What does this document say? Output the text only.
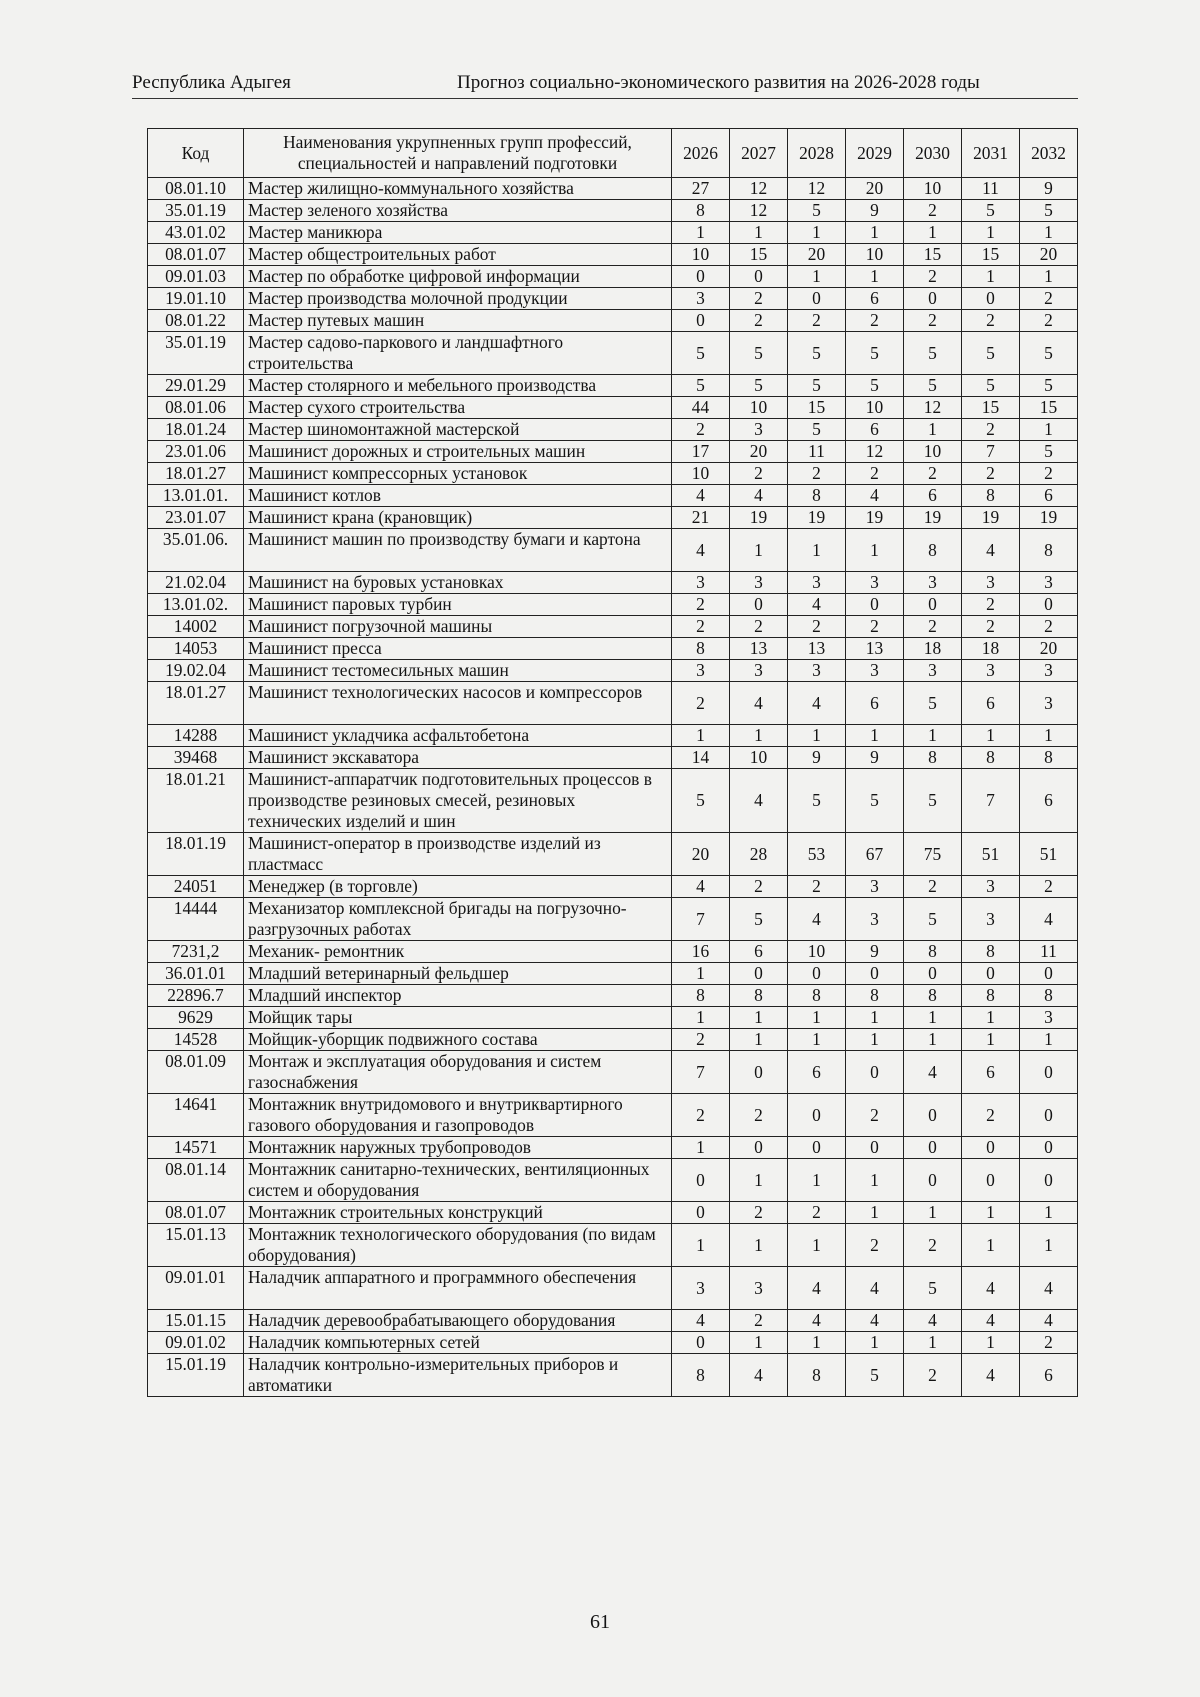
Республика Адыгея	Прогноз социально-экономического развития на 2026-2028 годы
Код	Наименования укрупненных групп профессий, специальностей и направлений подготовки	2026	2027	2028	2029	2030	2031	2032
08.01.10	Мастер жилищно-коммунального хозяйства	27	12	12	20	10	11	9
35.01.19	Мастер зеленого хозяйства	8	12	5	9	2	5	5
43.01.02	Мастер маникюра	1	1	1	1	1	1	1
08.01.07	Мастер общестроительных работ	10	15	20	10	15	15	20
09.01.03	Мастер по обработке цифровой информации	0	0	1	1	2	1	1
19.01.10	Мастер производства молочной продукции	3	2	0	6	0	0	2
08.01.22	Мастер путевых машин	0	2	2	2	2	2	2
35.01.19	Мастер садово-паркового и ландшафтного строительства	5	5	5	5	5	5	5
29.01.29	Мастер столярного и мебельного производства	5	5	5	5	5	5	5
08.01.06	Мастер сухого строительства	44	10	15	10	12	15	15
18.01.24	Мастер шиномонтажной мастерской	2	3	5	6	1	2	1
23.01.06	Машинист дорожных и строительных машин	17	20	11	12	10	7	5
18.01.27	Машинист компрессорных установок	10	2	2	2	2	2	2
13.01.01.	Машинист котлов	4	4	8	4	6	8	6
23.01.07	Машинист крана (крановщик)	21	19	19	19	19	19	19
35.01.06.	Машинист машин по производству бумаги и картона	4	1	1	1	8	4	8
21.02.04	Машинист на буровых установках	3	3	3	3	3	3	3
13.01.02.	Машинист паровых турбин	2	0	4	0	0	2	0
14002	Машинист погрузочной машины	2	2	2	2	2	2	2
14053	Машинист пресса	8	13	13	13	18	18	20
19.02.04	Машинист тестомесильных машин	3	3	3	3	3	3	3
18.01.27	Машинист технологических насосов и компрессоров	2	4	4	6	5	6	3
14288	Машинист укладчика асфальтобетона	1	1	1	1	1	1	1
39468	Машинист экскаватора	14	10	9	9	8	8	8
18.01.21	Машинист-аппаратчик подготовительных процессов в производстве резиновых смесей, резиновых технических изделий и шин	5	4	5	5	5	7	6
18.01.19	Машинист-оператор в производстве изделий из пластмасс	20	28	53	67	75	51	51
24051	Менеджер (в торговле)	4	2	2	3	2	3	2
14444	Механизатор комплексной бригады на погрузочно-разгрузочных работах	7	5	4	3	5	3	4
7231,2	Механик- ремонтник	16	6	10	9	8	8	11
36.01.01	Младший ветеринарный фельдшер	1	0	0	0	0	0	0
22896.7	Младший инспектор	8	8	8	8	8	8	8
9629	Мойщик тары	1	1	1	1	1	1	3
14528	Мойщик-уборщик подвижного состава	2	1	1	1	1	1	1
08.01.09	Монтаж и эксплуатация оборудования и систем газоснабжения	7	0	6	0	4	6	0
14641	Монтажник внутридомового и внутриквартирного газового оборудования и газопроводов	2	2	0	2	0	2	0
14571	Монтажник наружных трубопроводов	1	0	0	0	0	0	0
08.01.14	Монтажник санитарно-технических, вентиляционных систем и оборудования	0	1	1	1	0	0	0
08.01.07	Монтажник строительных конструкций	0	2	2	1	1	1	1
15.01.13	Монтажник технологического оборудования (по видам оборудования)	1	1	1	2	2	1	1
09.01.01	Наладчик аппаратного и программного обеспечения	3	3	4	4	5	4	4
15.01.15	Наладчик деревообрабатывающего оборудования	4	2	4	4	4	4	4
09.01.02	Наладчик компьютерных сетей	0	1	1	1	1	1	2
15.01.19	Наладчик контрольно-измерительных приборов и автоматики	8	4	8	5	2	4	6
61
